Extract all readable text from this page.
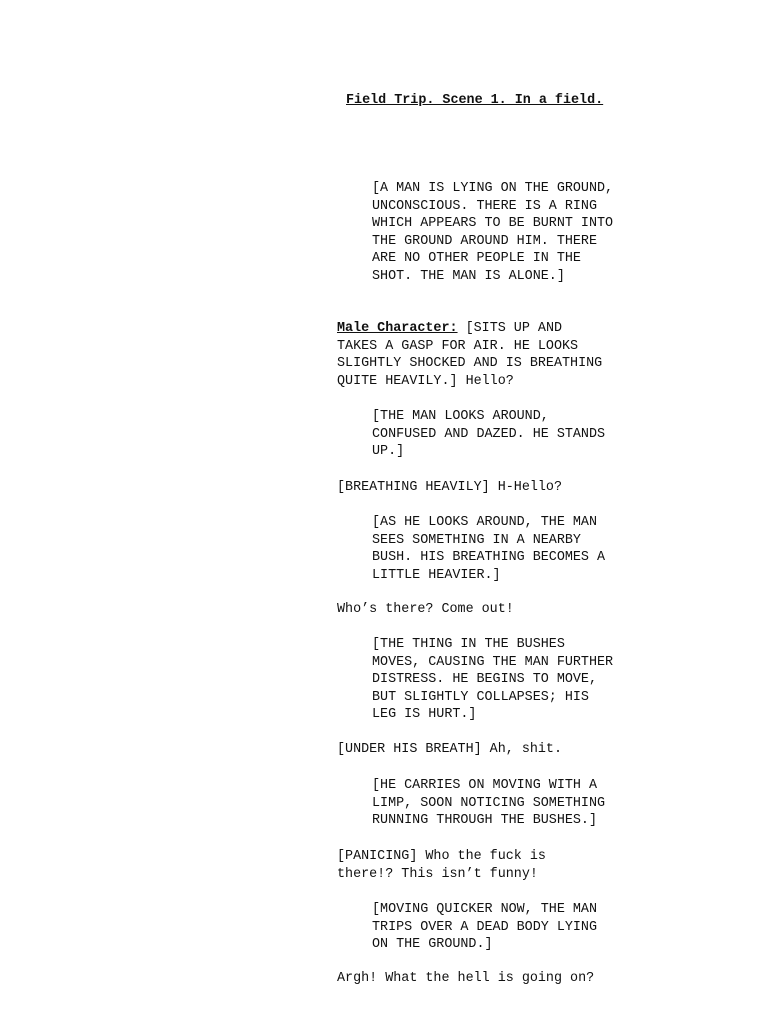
Field Trip. Scene 1. In a field.
[A MAN IS LYING ON THE GROUND,
UNCONSCIOUS. THERE IS A RING
WHICH APPEARS TO BE BURNT INTO
THE GROUND AROUND HIM. THERE
ARE NO OTHER PEOPLE IN THE
SHOT. THE MAN IS ALONE.]
Male Character: [SITS UP AND
TAKES A GASP FOR AIR. HE LOOKS
SLIGHTLY SHOCKED AND IS BREATHING
QUITE HEAVILY.] Hello?
[THE MAN LOOKS AROUND,
CONFUSED AND DAZED. HE STANDS
UP.]
[BREATHING HEAVILY] H-Hello?
[AS HE LOOKS AROUND, THE MAN
SEES SOMETHING IN A NEARBY
BUSH. HIS BREATHING BECOMES A
LITTLE HEAVIER.]
Who’s there? Come out!
[THE THING IN THE BUSHES
MOVES, CAUSING THE MAN FURTHER
DISTRESS. HE BEGINS TO MOVE,
BUT SLIGHTLY COLLAPSES; HIS
LEG IS HURT.]
[UNDER HIS BREATH] Ah, shit.
[HE CARRIES ON MOVING WITH A
LIMP, SOON NOTICING SOMETHING
RUNNING THROUGH THE BUSHES.]
[PANICING] Who the fuck is
there!? This isn’t funny!
[MOVING QUICKER NOW, THE MAN
TRIPS OVER A DEAD BODY LYING
ON THE GROUND.]
Argh! What the hell is going on?
